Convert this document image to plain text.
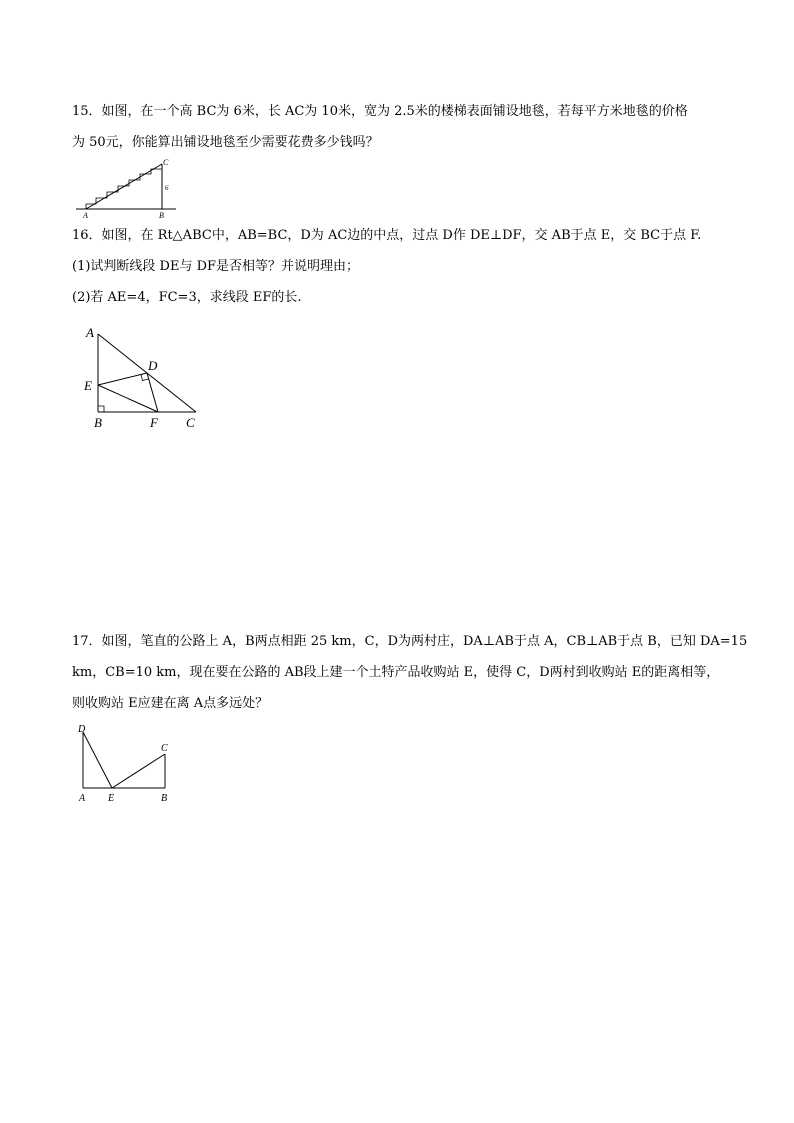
15．如图，在一个高 BC为 6米，长 AC为 10米，宽为 2.5米的楼梯表面铺设地毯，若每平方米地毯的价格
为 50元，你能算出铺设地毯至少需要花费多少钱吗？
A	B
C
6
16．如图，在 Rt△ABC中，AB=BC，D为 AC边的中点，过点 D作 DE⊥DF，交 AB于点 E，交 BC于点 F.
(1)试判断线段 DE与 DF是否相等？并说明理由；
(2)若 AE=4，FC=3，求线段 EF的长.
A
B	C
D
E
F
17．如图，笔直的公路上 A，B两点相距 25 km，C，D为两村庄，DA⊥AB于点 A，CB⊥AB于点 B，已知 DA=15
km，CB=10 km，现在要在公路的 AB段上建一个土特产品收购站 E，使得 C，D两村到收购站 E的距离相等，
则收购站 E应建在离 A点多远处？
D
C
A E	B
